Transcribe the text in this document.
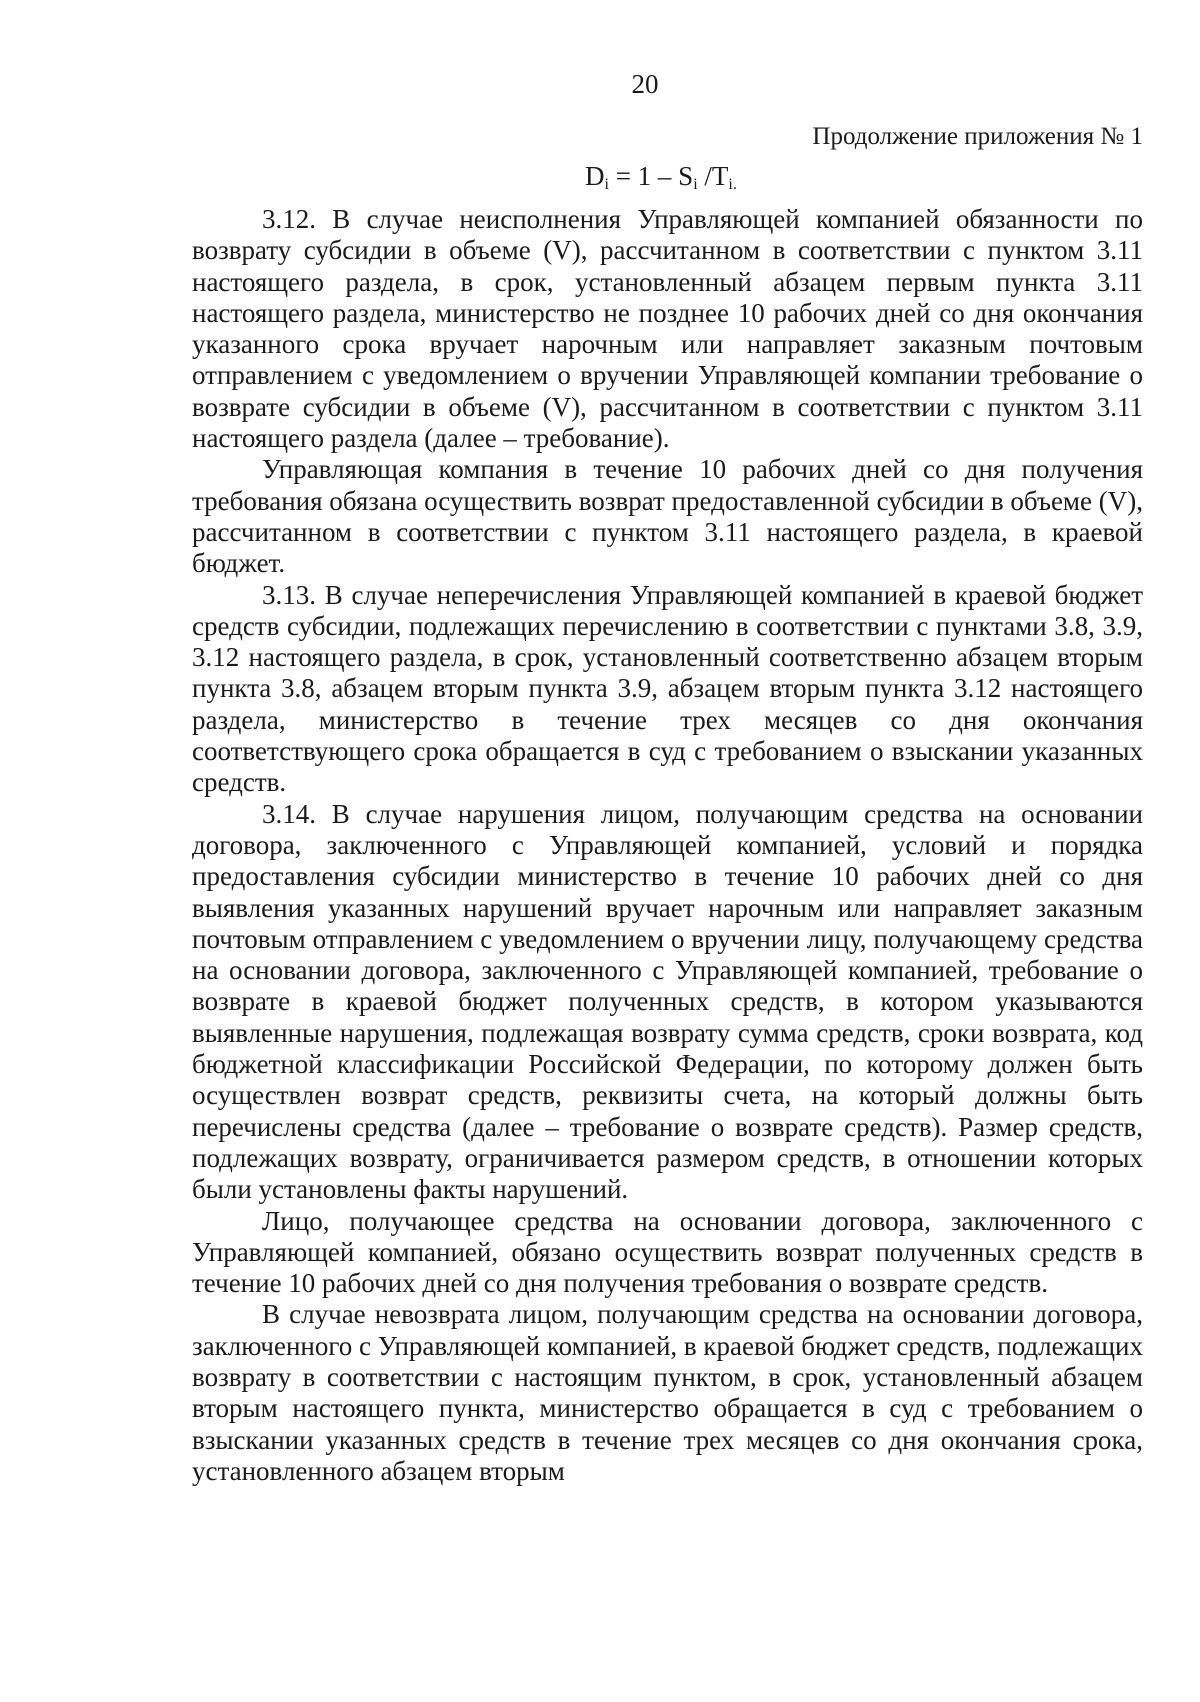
20
Продолжение приложения № 1
$D_i = 1 - S_i$ $/T_{i.}$

3.12. В случае неисполнения Управляющей компанией обязанности по возврату субсидии в объеме (V), рассчитанном в соответствии с пунктом 3.11 настоящего раздела, в срок, установленный абзацем первым пункта 3.11 настоящего раздела, министерство не позднее 10 рабочих дней со дня окончания указанного срока вручает нарочным или направляет заказным почтовым отправлением с уведомлением о вручении Управляющей компании требование о возврате субсидии в объеме (V), рассчитанном в соответствии с пунктом 3.11 настоящего раздела (далее – требование).

Управляющая компания в течение 10 рабочих дней со дня получения требования обязана осуществить возврат предоставленной субсидии в объеме (V), рассчитанном в соответствии с пунктом 3.11 настоящего раздела, в краевой бюджет.

3.13. В случае неперечисления Управляющей компанией в краевой бюджет средств субсидии, подлежащих перечислению в соответствии с пунктами 3.8, 3.9, 3.12 настоящего раздела, в срок, установленный соответственно абзацем вторым пункта 3.8, абзацем вторым пункта 3.9, абзацем вторым пункта 3.12 настоящего раздела, министерство в течение трех месяцев со дня окончания соответствующего срока обращается в суд с требованием о взыскании указанных средств.

3.14. В случае нарушения лицом, получающим средства на основании договора, заключенного с Управляющей компанией, условий и порядка предоставления субсидии министерство в течение 10 рабочих дней со дня выявления указанных нарушений вручает нарочным или направляет заказным почтовым отправлением с уведомлением о вручении лицу, получающему средства на основании договора, заключенного с Управляющей компанией, требование о возврате в краевой бюджет полученных средств, в котором указываются выявленные нарушения, подлежащая возврату сумма средств, сроки возврата, код бюджетной классификации Российской Федерации, по которому должен быть осуществлен возврат средств, реквизиты счета, на который должны быть перечислены средства (далее – требование о возврате средств). Размер средств, подлежащих возврату, ограничивается размером средств, в отношении которых были установлены факты нарушений.

Лицо, получающее средства на основании договора, заключенного с Управляющей компанией, обязано осуществить возврат полученных средств в течение 10 рабочих дней со дня получения требования о возврате средств.

В случае невозврата лицом, получающим средства на основании договора, заключенного с Управляющей компанией, в краевой бюджет средств, подлежащих возврату в соответствии с настоящим пунктом, в срок, установленный абзацем вторым настоящего пункта, министерство обращается в суд с требованием о взыскании указанных средств в течение трех месяцев со дня окончания срока, установленного абзацем вторым
